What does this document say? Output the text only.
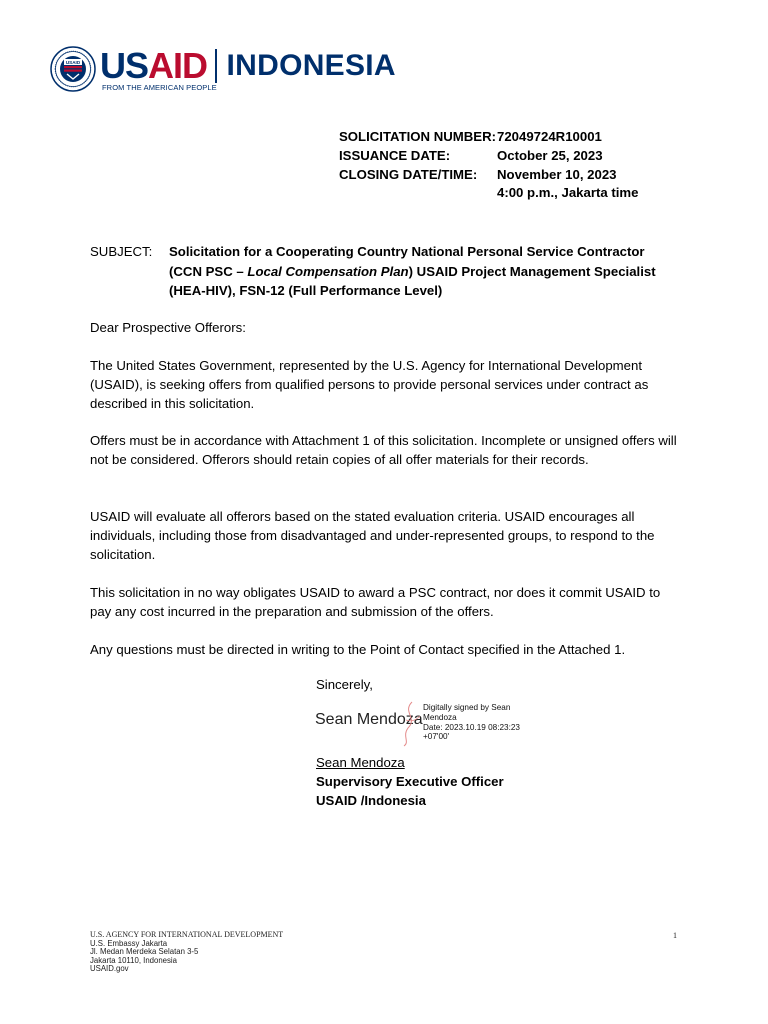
USAID USAID INDONESIA
FROM THE AMERICAN PEOPLE
SOLICITATION NUMBER: 72049724R10001
ISSUANCE DATE:	October 25, 2023
CLOSING DATE/TIME:	November 10, 2023
4:00 p.m., Jakarta time
SUBJECT:	Solicitation for a Cooperating Country National Personal Service Contractor (CCN PSC – Local Compensation Plan) USAID Project Management Specialist (HEA-HIV), FSN-12 (Full Performance Level)
Dear Prospective Offerors:
The United States Government, represented by the U.S. Agency for International Development (USAID), is seeking offers from qualified persons to provide personal services under contract as described in this solicitation.
Offers must be in accordance with Attachment 1 of this solicitation. Incomplete or unsigned offers will not be considered. Offerors should retain copies of all offer materials for their records.
USAID will evaluate all offerors based on the stated evaluation criteria. USAID encourages all individuals, including those from disadvantaged and under-represented groups, to respond to the solicitation.
This solicitation in no way obligates USAID to award a PSC contract, nor does it commit USAID to pay any cost incurred in the preparation and submission of the offers.
Any questions must be directed in writing to the Point of Contact specified in the Attached 1.
Sincerely,
Sean Mendoza
Digitally signed by Sean
Mendoza
Date: 2023.10.19 08:23:23
+07'00'
Sean Mendoza
Supervisory Executive Officer
USAID /Indonesia
U.S. AGENCY FOR INTERNATIONAL DEVELOPMENT
U.S. Embassy Jakarta
Jl. Medan Merdeka Selatan 3-5
Jakarta 10110, Indonesia
USAID.gov
1
